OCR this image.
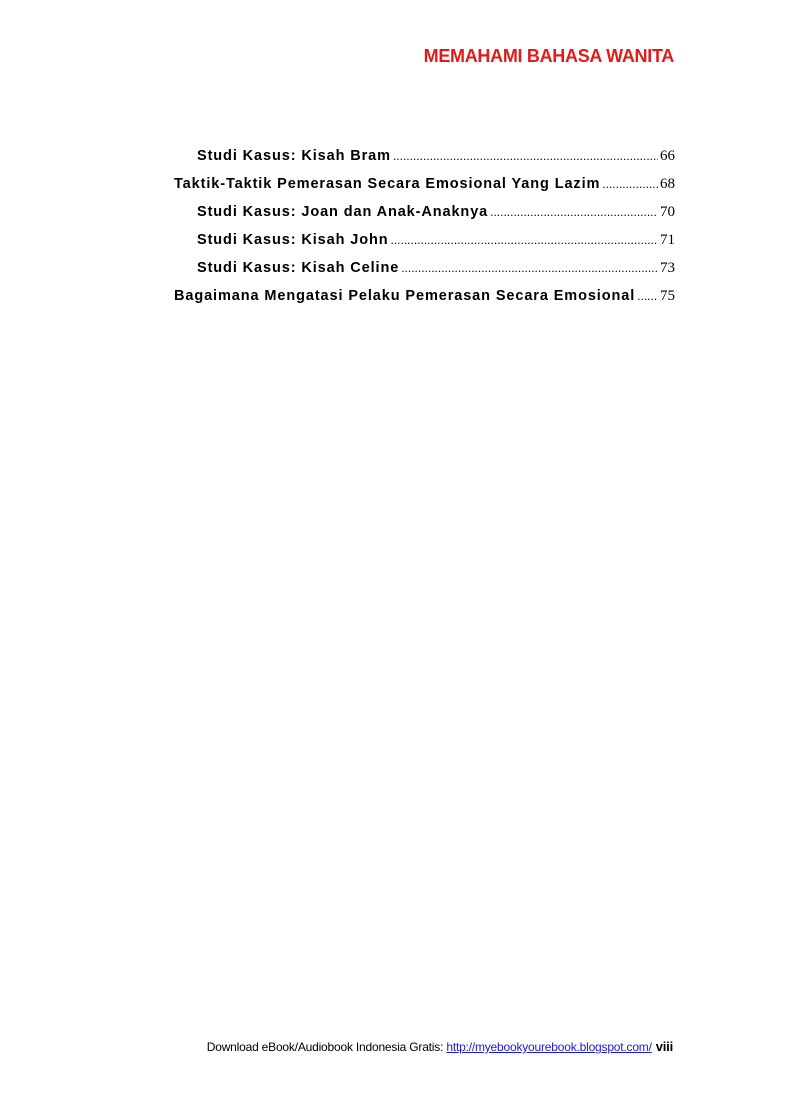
MEMAHAMI BAHASA WANITA
Studi Kasus: Kisah Bram .....	66
Taktik-Taktik Pemerasan Secara Emosional Yang Lazim .....	68
Studi Kasus: Joan dan Anak-Anaknya .....	70
Studi Kasus: Kisah John .....	71
Studi Kasus: Kisah Celine .....	73
Bagaimana Mengatasi Pelaku Pemerasan Secara Emosional ..... 75
Download eBook/Audiobook Indonesia Gratis: http://myebookyourebook.blogspot.com/ viii
